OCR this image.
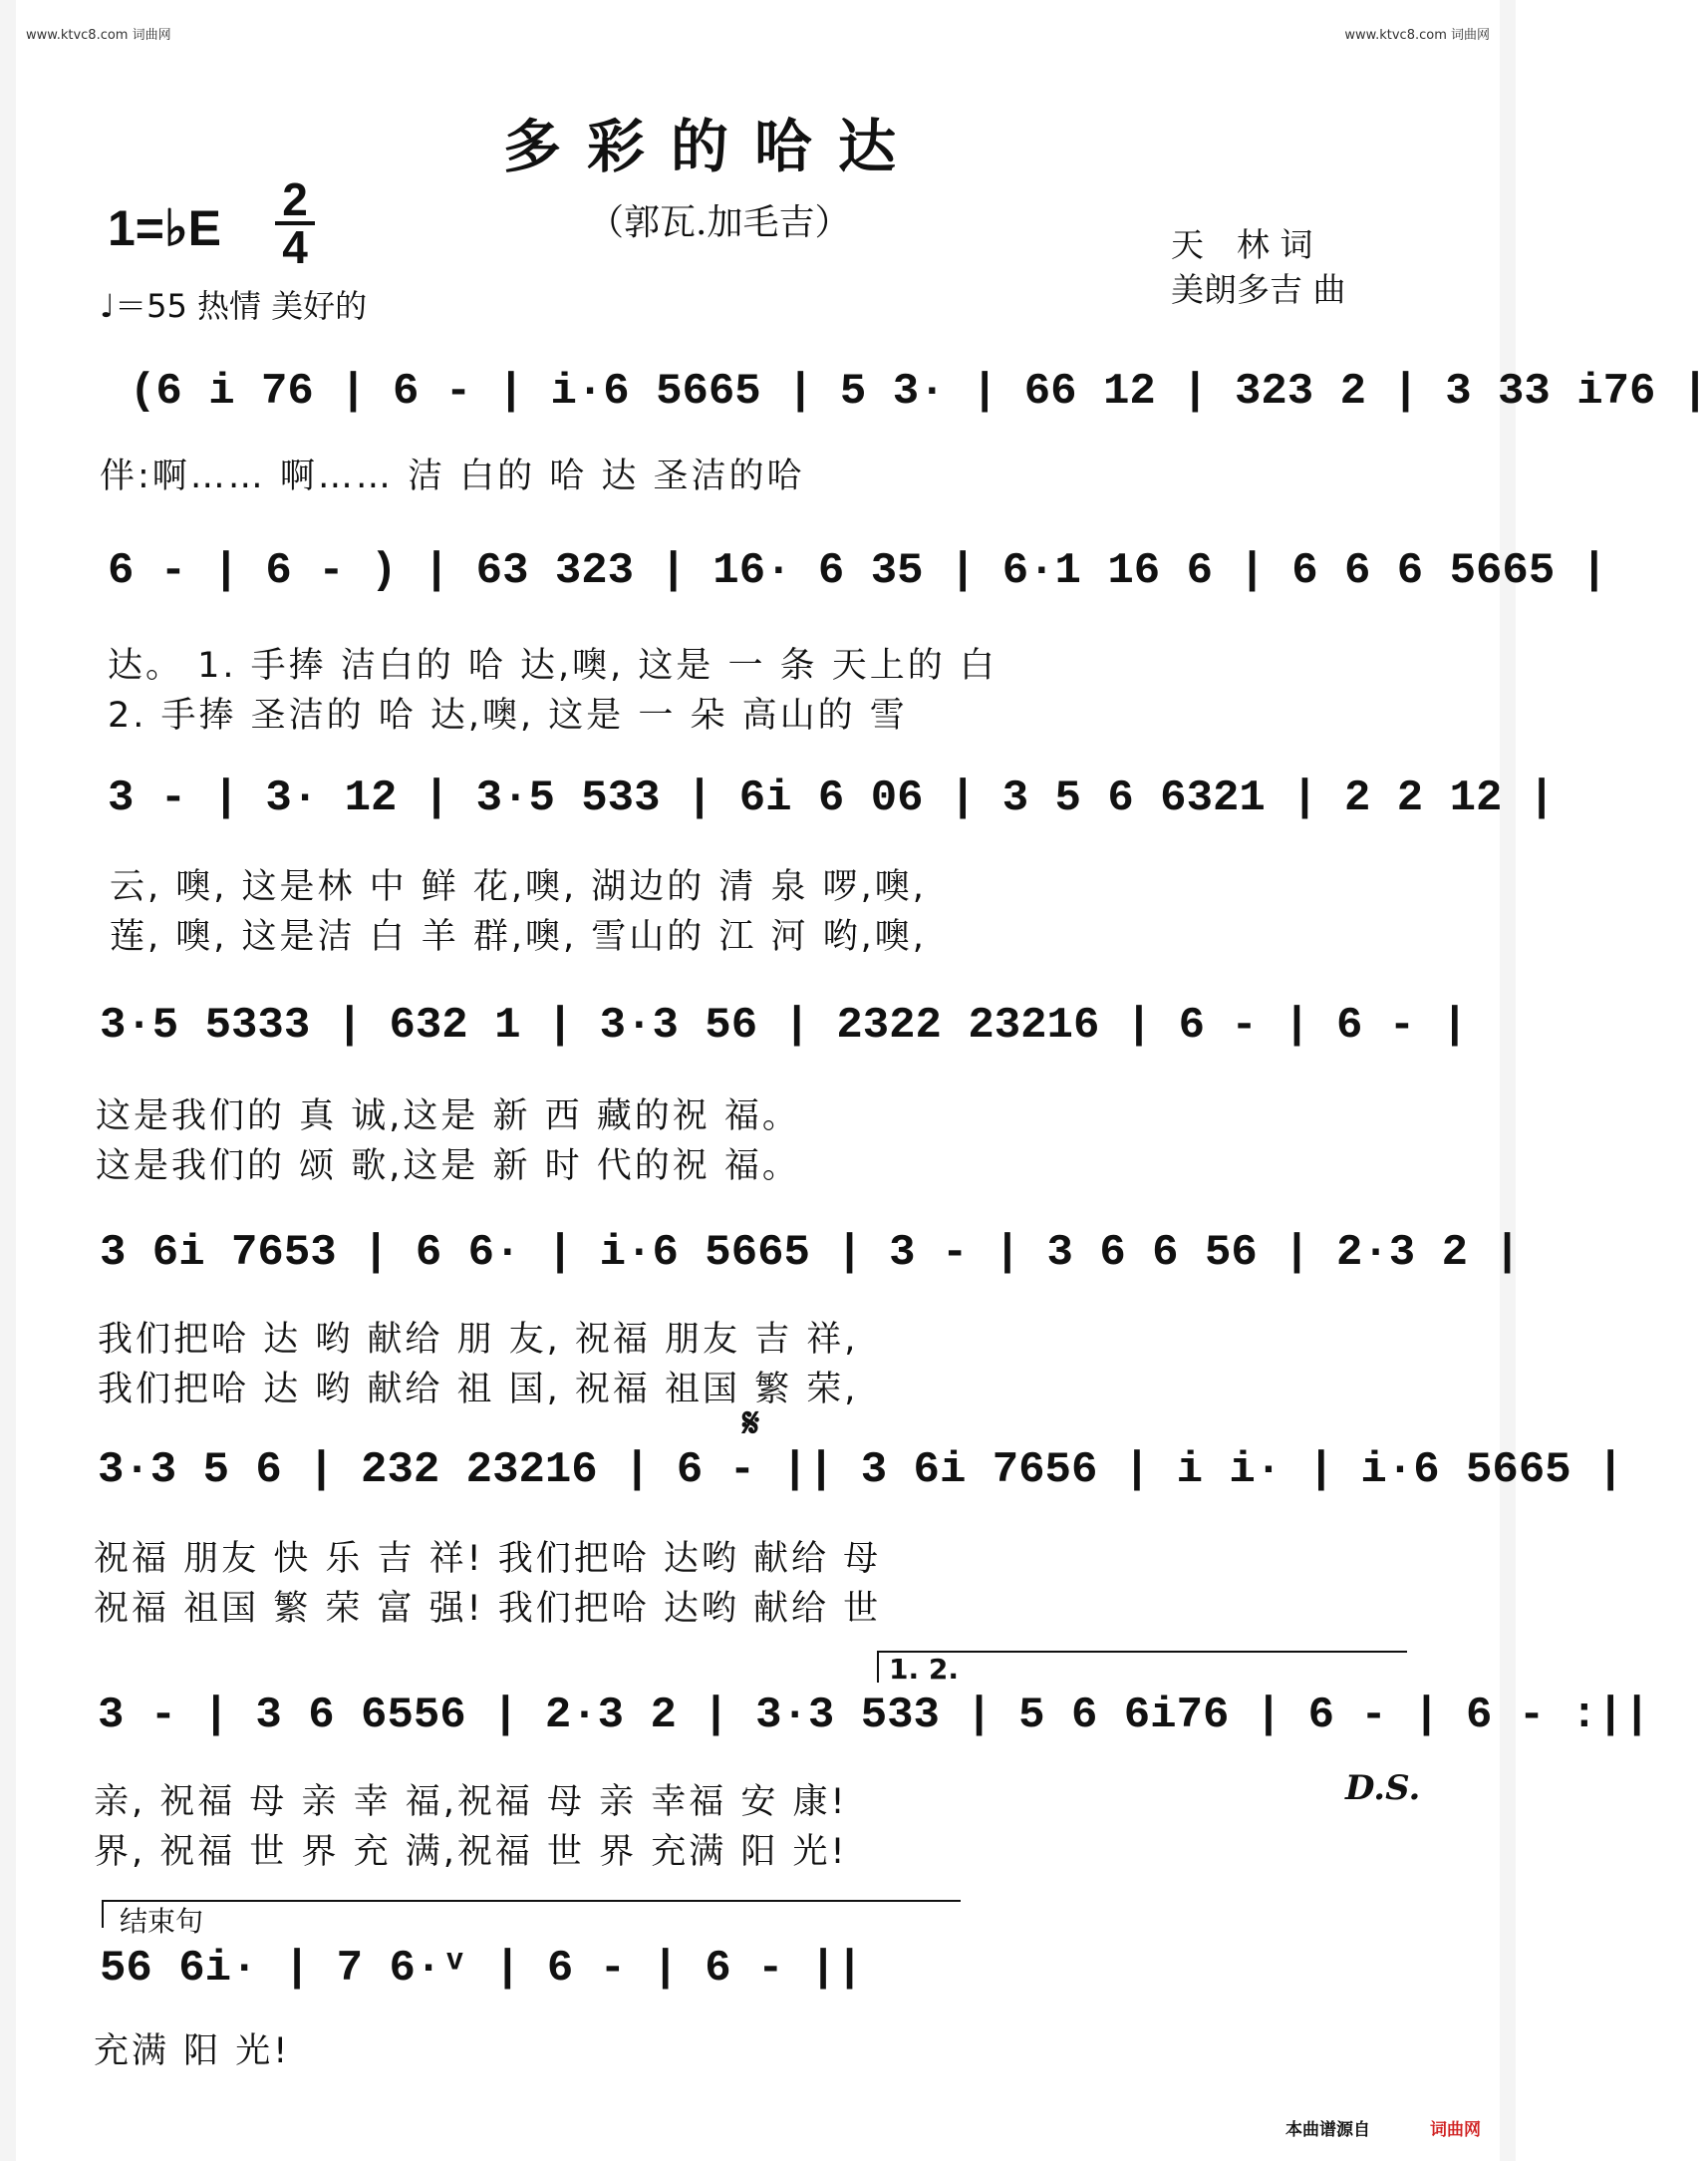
www.ktvc8.com 词曲网	www.ktvc8.com 词曲网
多彩的哈达
（郭瓦.加毛吉）
天　林 词
美朗多吉 曲
1=♭E
2
4
♩＝55 热情 美好的
(6 i 76 | 6 - | i·6 5665 | 5 3· | 66 12 | 323 2 | 3 33 i76 |
伴:啊…… 啊…… 洁 白的 哈 达 圣洁的哈
6 - | 6 - ) | 63 323 | 16· 6 35 | 6·1 16 6 | 6 6 6 5665 |
达。 1. 手捧 洁白的 哈 达,噢, 这是 一 条 天上的 白
2. 手捧 圣洁的 哈 达,噢, 这是 一 朵 高山的 雪
3 - | 3· 12 | 3·5 533 | 6i 6 06 | 3 5 6 6321 | 2 2 12 |
云, 噢, 这是林 中 鲜 花,噢, 湖边的 清 泉 啰,噢,
莲, 噢, 这是洁 白 羊 群,噢, 雪山的 江 河 哟,噢,
3·5 5333 | 632 1 | 3·3 56 | 2322 23216 | 6 - | 6 - |
这是我们的 真 诚,这是 新 西 藏的祝 福。
这是我们的 颂 歌,这是 新 时 代的祝 福。
3 6i 7653 | 6 6· | i·6 5665 | 3 - | 3 6 6 56 | 2·3 2 |
我们把哈 达 哟 献给 朋 友, 祝福 朋友 吉 祥,
我们把哈 达 哟 献给 祖 国, 祝福 祖国 繁 荣,
𝄋
3·3 5 6 | 232 23216 | 6 - || 3 6i 7656 | i i· | i·6 5665 |
祝福 朋友 快 乐 吉 祥! 我们把哈 达哟 献给 母
祝福 祖国 繁 荣 富 强! 我们把哈 达哟 献给 世
1. 2.
3 - | 3 6 6556 | 2·3 2 | 3·3 533 | 5 6 6i76 | 6 - | 6 - :||
亲, 祝福 母 亲 幸 福,祝福 母 亲 幸福 安 康!
界, 祝福 世 界 充 满,祝福 世 界 充满 阳 光!
D.S.
结束句
56 6i· | 7 6·ᵛ | 6 - | 6 - ||
充满 阳 光!
本曲谱源自	词曲网
